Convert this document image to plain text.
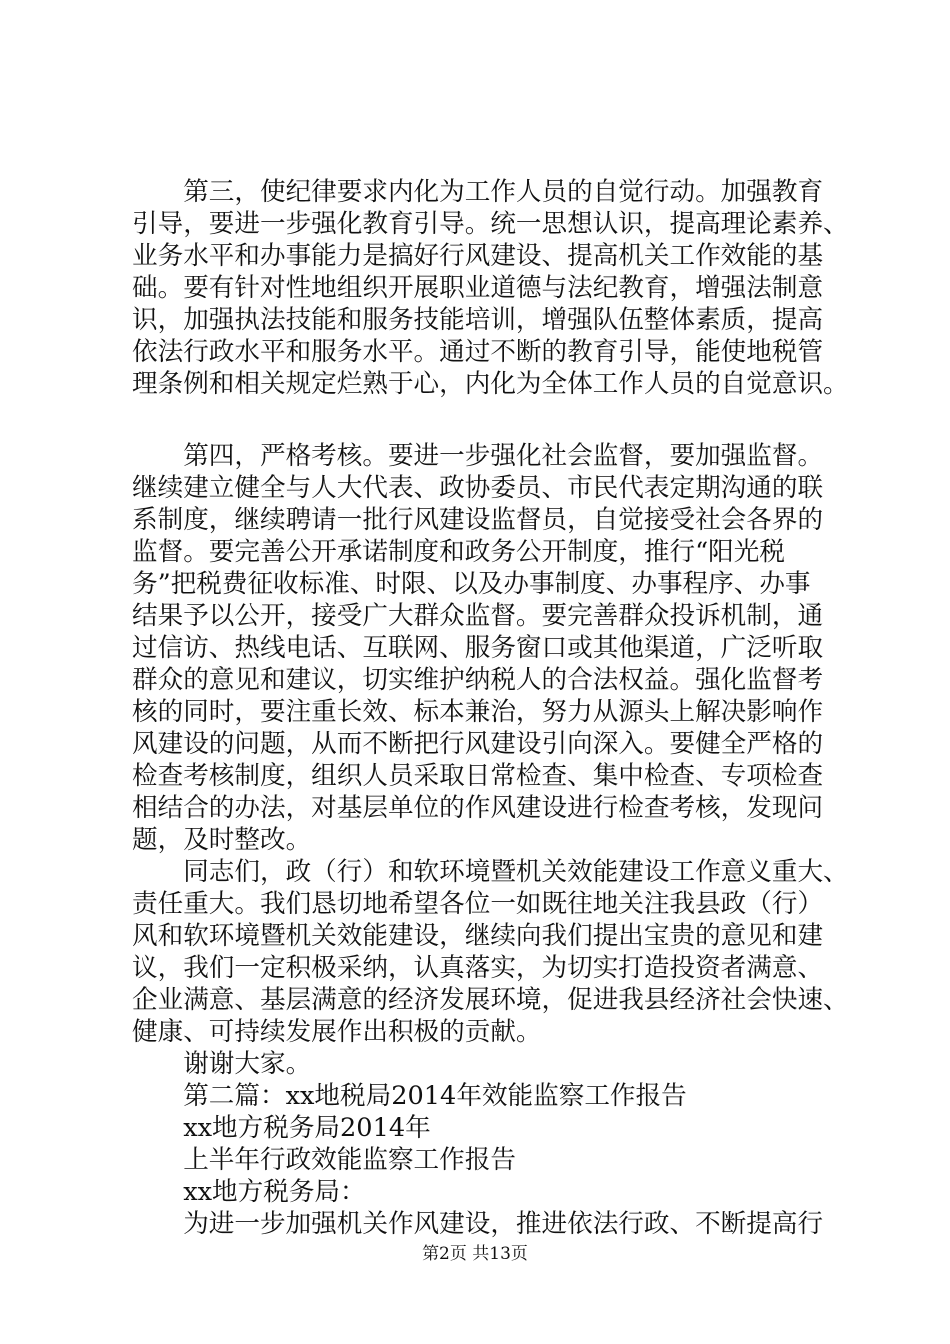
　　第三，使纪律要求内化为工作人员的自觉行动。加强教育
引导，要进一步强化教育引导。统一思想认识，提高理论素养、
业务水平和办事能力是搞好行风建设、提高机关工作效能的基
础。要有针对性地组织开展职业道德与法纪教育，增强法制意
识，加强执法技能和服务技能培训，增强队伍整体素质，提高
依法行政水平和服务水平。通过不断的教育引导，能使地税管
理条例和相关规定烂熟于心，内化为全体工作人员的自觉意识。
　　第四，严格考核。要进一步强化社会监督，要加强监督。
继续建立健全与人大代表、政协委员、市民代表定期沟通的联
系制度，继续聘请一批行风建设监督员，自觉接受社会各界的
监督。要完善公开承诺制度和政务公开制度，推行“阳光税
务”把税费征收标准、时限、以及办事制度、办事程序、办事
结果予以公开，接受广大群众监督。要完善群众投诉机制，通
过信访、热线电话、互联网、服务窗口或其他渠道，广泛听取
群众的意见和建议，切实维护纳税人的合法权益。强化监督考
核的同时，要注重长效、标本兼治，努力从源头上解决影响作
风建设的问题，从而不断把行风建设引向深入。要健全严格的
检查考核制度，组织人员采取日常检查、集中检查、专项检查
相结合的办法，对基层单位的作风建设进行检查考核，发现问
题，及时整改。
　　同志们，政（行）和软环境暨机关效能建设工作意义重大、
责任重大。我们恳切地希望各位一如既往地关注我县政（行）
风和软环境暨机关效能建设，继续向我们提出宝贵的意见和建
议，我们一定积极采纳，认真落实，为切实打造投资者满意、
企业满意、基层满意的经济发展环境，促进我县经济社会快速、
健康、可持续发展作出积极的贡献。
　　谢谢大家。
　　第二篇：xx地税局2014年效能监察工作报告
第2页 共13页
　　xx地方税务局2014年
　　上半年行政效能监察工作报告
　　xx地方税务局：
　　为进一步加强机关作风建设，推进依法行政、不断提高行
